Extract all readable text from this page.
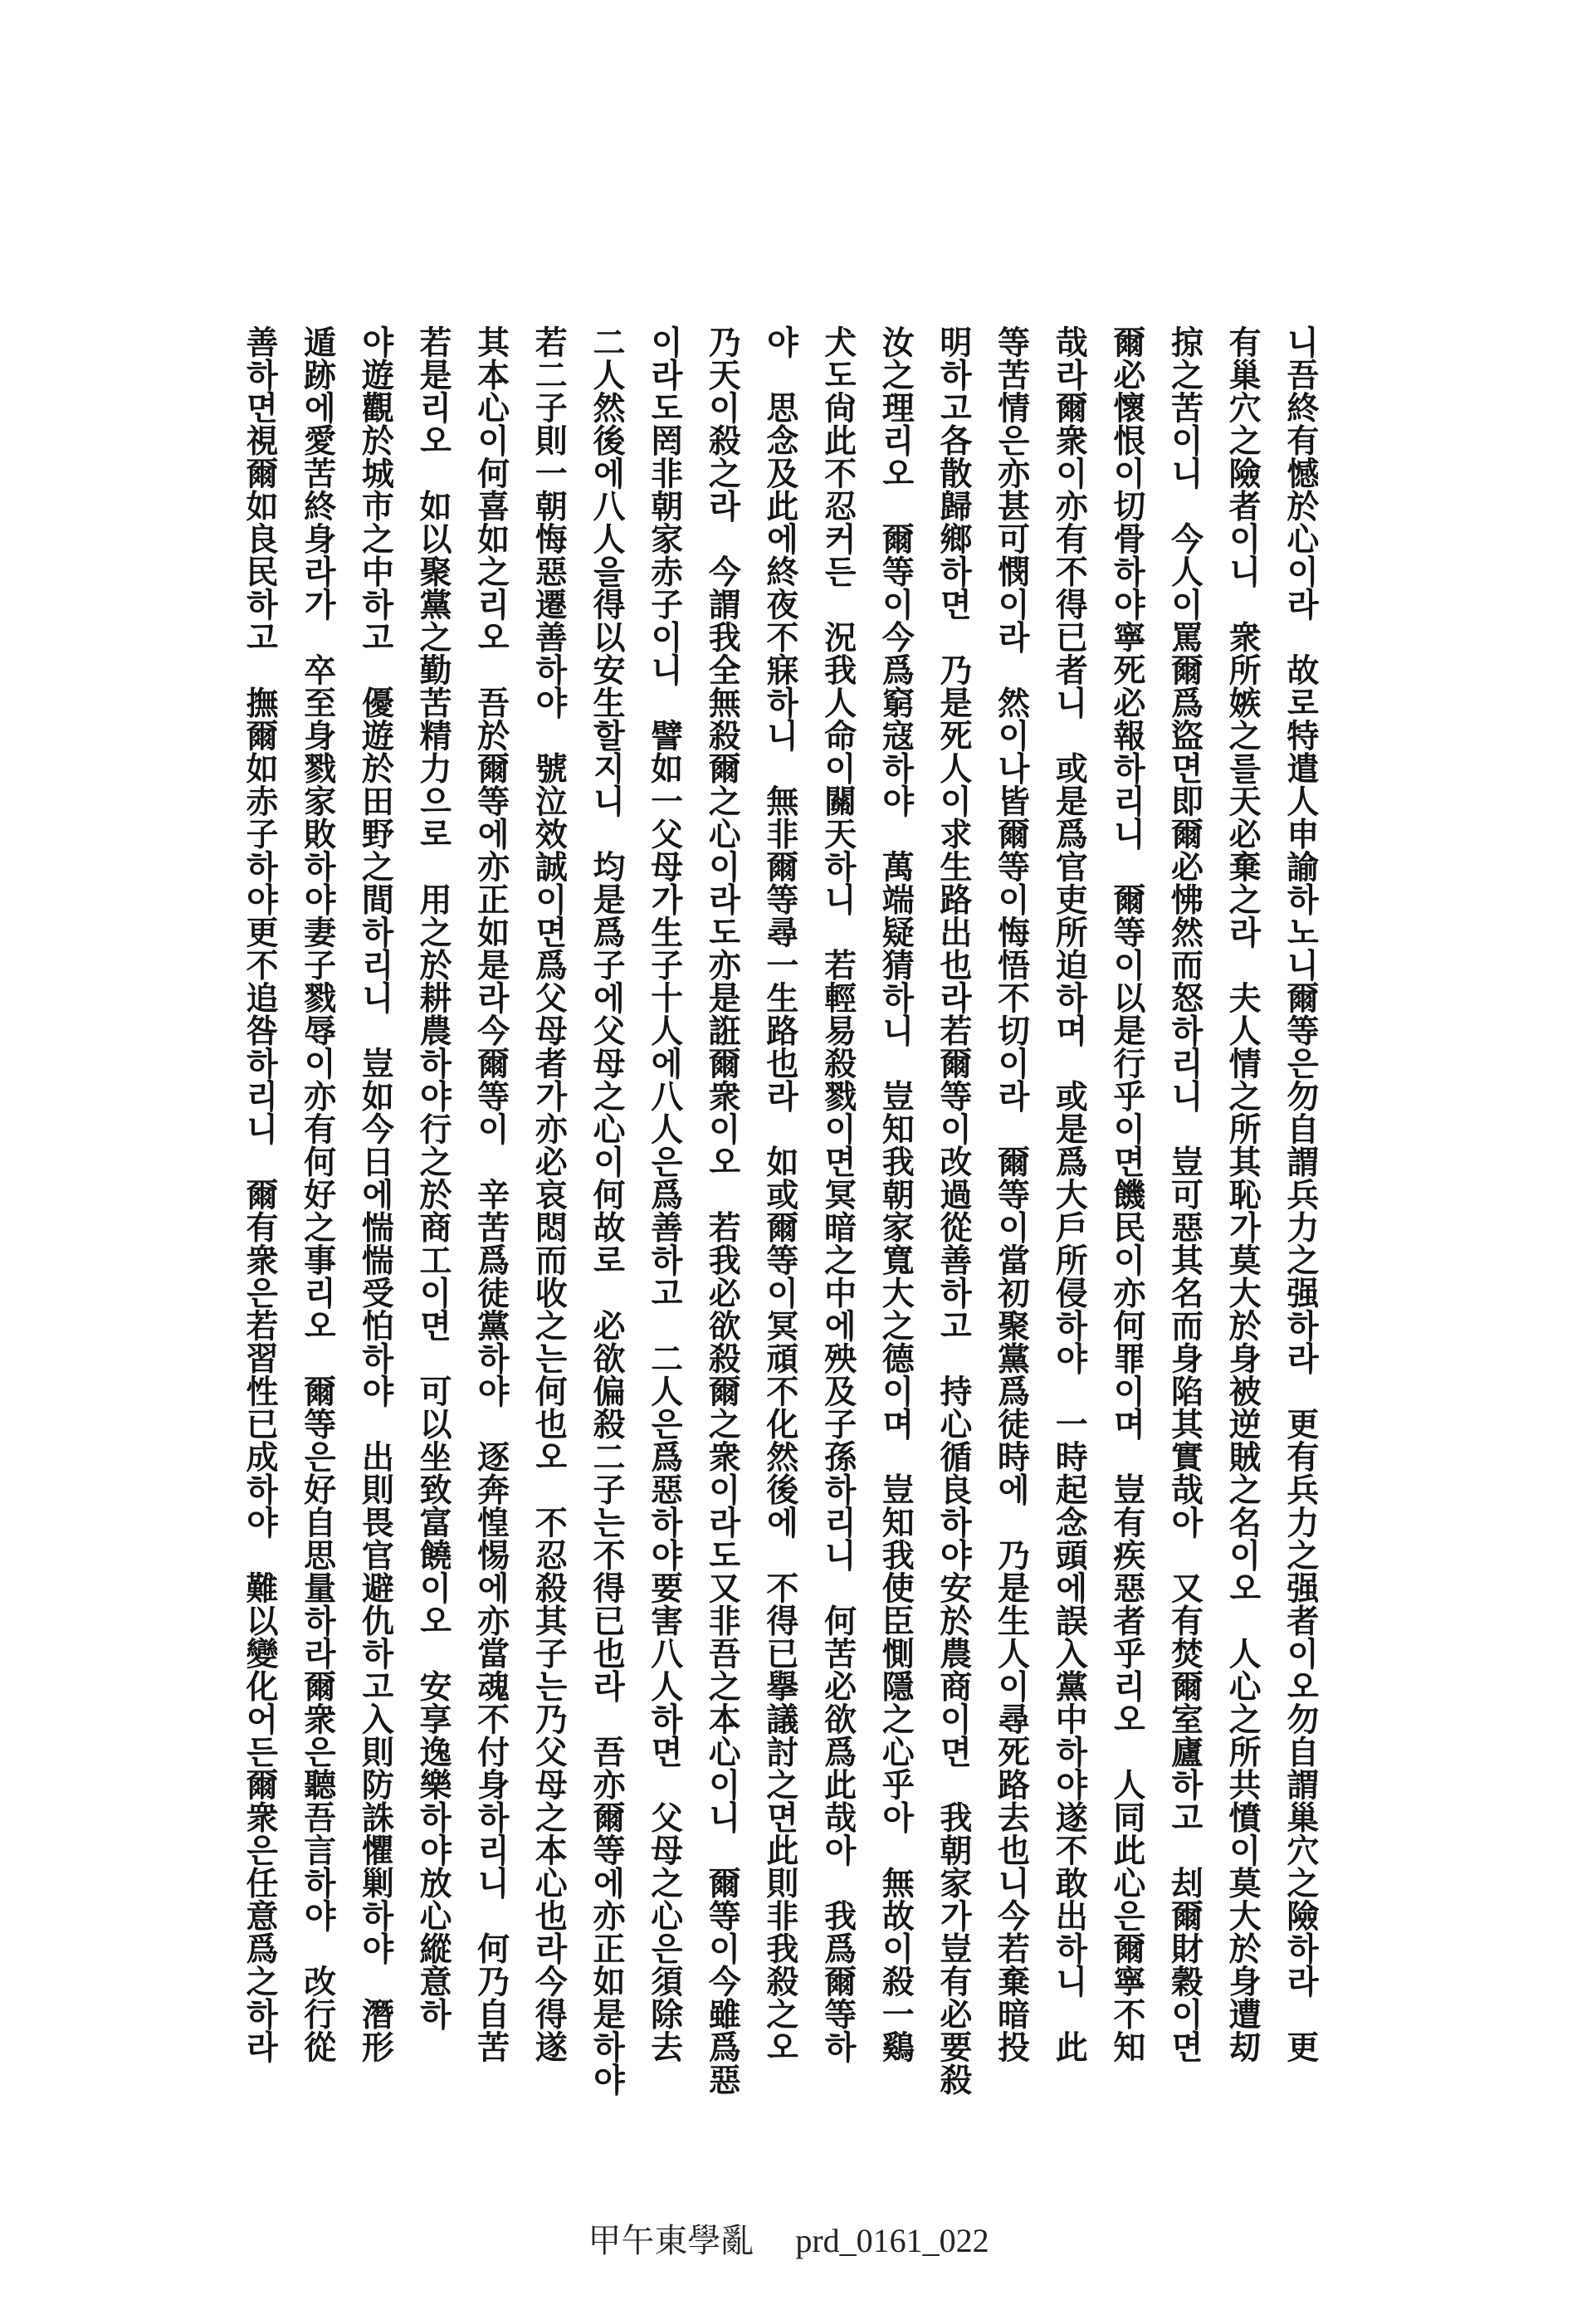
니吾終有憾於心이라　故로特遣人申諭하노니爾等은勿自謂兵力之强하라　更有兵力之强者이오勿自謂巢穴之險하라　更
有巢穴之險者이니　衆所嫉之를天必棄之라　夫人情之所其恥가莫大於身被逆賊之名이오　人心之所共憤이莫大於身遭刧
掠之苦이니　今人이罵爾爲盜면即爾必怫然而怒하리니　豈可惡其名而身陷其實哉아　又有焚爾室廬하고　刦爾財穀이면
爾必懷恨이切骨하야寧死必報하리니　爾等이以是行乎이면饑民이亦何罪이며　豈有疾惡者乎리오　人同此心은爾寧不知
哉라爾衆이亦有不得已者니　或是爲官吏所迫하며　或是爲大戶所侵하야　一時起念頭에誤入黨中하야遂不敢出하니　此
等苦情은亦甚可憫이라　然이나皆爾等이悔悟不切이라　爾等이當初聚黨爲徒時에　乃是生人이尋死路去也니今若棄暗投
明하고各散歸鄉하면　乃是死人이求生路出也라若爾等이改過從善하고　持心循良하야安於農商이면　我朝家가豈有必要殺
汝之理리오　爾等이今爲窮寇하야　萬端疑猜하니　豈知我朝家寬大之德이며　豈知我使臣惻隱之心乎아　無故이殺一鷄
犬도尙此不忍커든　況我人命이關天하니　若輕易殺戮이면冥暗之中에殃及子孫하리니　何苦必欲爲此哉아　我爲爾等하
야　思念及此에終夜不寐하니　無非爾等尋一生路也라　如或爾等이冥頑不化然後에　不得已擧議討之면此則非我殺之오
乃天이殺之라　今謂我全無殺爾之心이라도亦是誑爾衆이오　若我必欲殺爾之衆이라도又非吾之本心이니　爾等이今雖爲惡
이라도罔非朝家赤子이니　譬如一父母가生子十人에八人은爲善하고　二人은爲惡하야要害八人하면　父母之心은須除去
二人然後에八人을得以安生할지니　均是爲子에父母之心이何故로　必欲偏殺二子는不得已也라　吾亦爾等에亦正如是하야
若二子則一朝悔惡遷善하야　號泣效誠이면爲父母者가亦必哀悶而收之는何也오　不忍殺其子는乃父母之本心也라今得遂
其本心이何喜如之리오　吾於爾等에亦正如是라今爾等이　辛苦爲徒黨하야　逐奔惶惕에亦當魂不付身하리니　何乃自苦
若是리오　如以聚黨之勤苦精力으로　用之於耕農하야行之於商工이면　可以坐致富饒이오　安享逸樂하야放心縱意하
야遊觀於城市之中하고　優遊於田野之間하리니　豈如今日에惴惴受怕하야　出則畏官避仇하고入則防誅懼剿하야　潛形
遁跡에愛苦終身라가　卒至身戮家敗하야妻子戮辱이亦有何好之事리오　爾等은好自思量하라爾衆은聽吾言하야　改行從
善하면視爾如良民하고　撫爾如赤子하야更不追咎하리니　爾有衆은若習性已成하야　難以變化어든爾衆은任意爲之하라
甲午東學亂 prd_0161_022
